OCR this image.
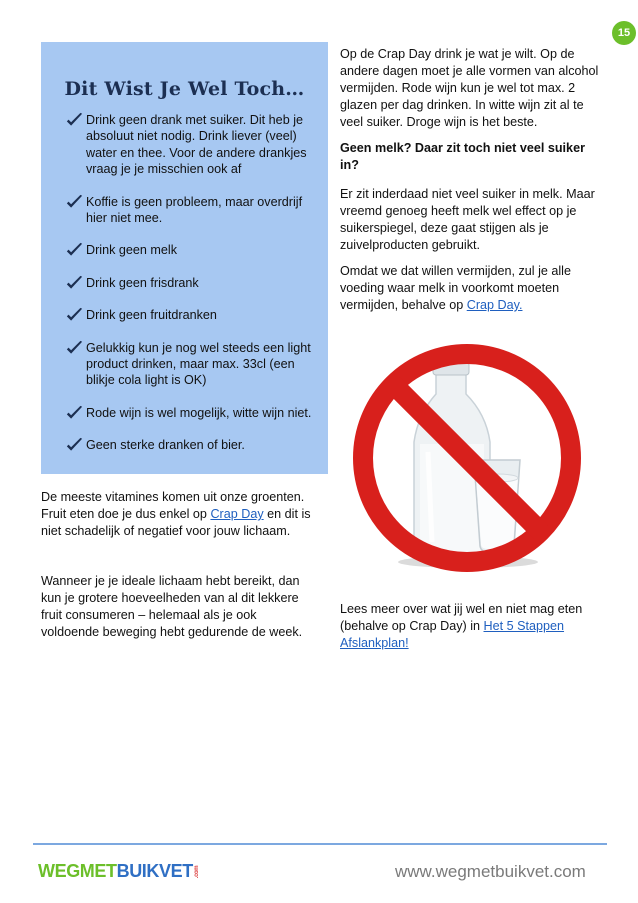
15
Dit Wist Je Wel Toch…
Drink geen drank met suiker. Dit heb je absoluut niet nodig. Drink liever (veel) water en thee. Voor de andere drankjes vraag je je misschien ook af
Koffie is geen probleem, maar overdrijf hier niet mee.
Drink geen melk
Drink geen frisdrank
Drink geen fruitdranken
Gelukkig kun je nog wel steeds een light product drinken, maar max. 33cl (een blikje cola light is OK)
Rode wijn is wel mogelijk, witte wijn niet.
Geen sterke dranken of bier.

De meeste vitamines komen uit onze groenten. Fruit eten doe je dus enkel op Crap Day en dit is niet schadelijk of negatief voor jouw lichaam.

Wanneer je je ideale lichaam hebt bereikt, dan kun je grotere hoeveelheden van al dit lekkere fruit consumeren – helemaal als je ook voldoende beweging hebt gedurende de week.

Op de Crap Day drink je wat je wilt. Op de andere dagen moet je alle vormen van alcohol vermijden. Rode wijn kun je wel tot max. 2 glazen per dag drinken. In witte wijn zit al te veel suiker. Droge wijn is het beste.

Geen melk? Daar zit toch niet veel suiker in?

Er zit inderdaad niet veel suiker in melk. Maar vreemd genoeg heeft melk wel effect op je suikerspiegel, deze gaat stijgen als je zuivelproducten gebruikt.

Omdat we dat willen vermijden, zul je alle voeding waar melk in voorkomt moeten vermijden, behalve op Crap Day.

Lees meer over wat jij wel en niet mag eten (behalve op Crap Day) in Het 5 Stappen Afslankplan!

WEGMETBUIKVET.com	www.wegmetbuikvet.com
